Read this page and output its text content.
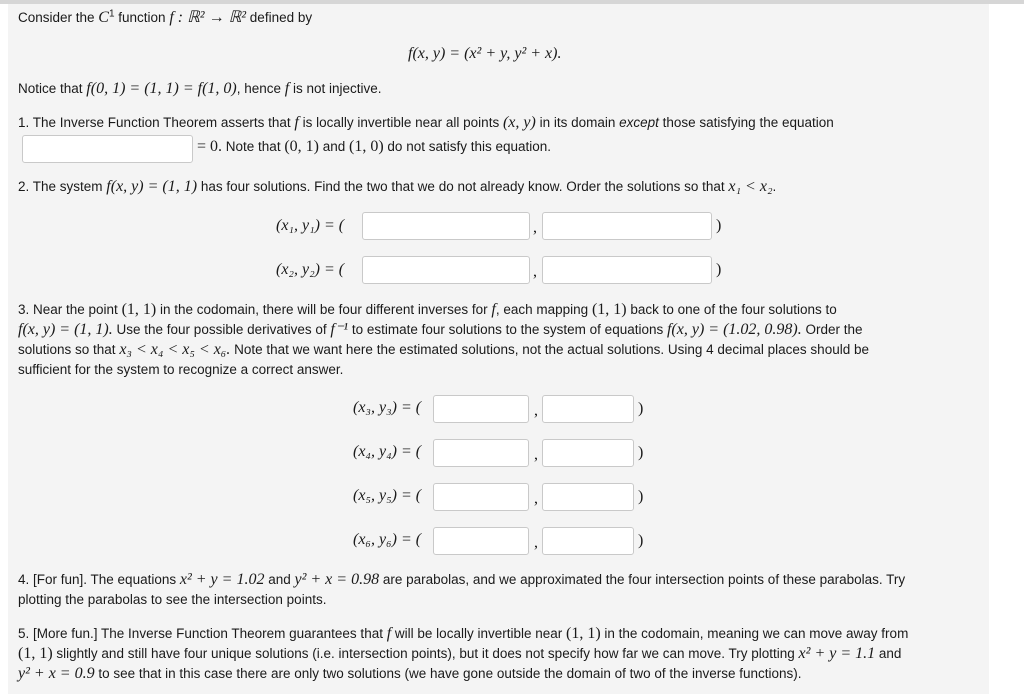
Consider the $C^1$ function f : ℝ² → ℝ² defined by
f(x, y) = (x² + y, y² + x).
Notice that f(0, 1) = (1, 1) = f(1, 0), hence f is not injective.
1. The Inverse Function Theorem asserts that f is locally invertible near all points (x, y) in its domain except those satisfying the equation
= 0. Note that (0, 1) and (1, 0) do not satisfy this equation.
2. The system f(x, y) = (1, 1) has four solutions. Find the two that we do not already know. Order the solutions so that x₁ < x₂.
(x₁, y₁) = (	,	)
(x₂, y₂) = (	,	)
3. Near the point (1, 1) in the codomain, there will be four different inverses for f, each mapping (1, 1) back to one of the four solutions to
f(x, y) = (1, 1). Use the four possible derivatives of f⁻¹ to estimate four solutions to the system of equations f(x, y) = (1.02, 0.98). Order the
solutions so that x₃ < x₄ < x₅ < x₆. Note that we want here the estimated solutions, not the actual solutions. Using 4 decimal places should be
sufficient for the system to recognize a correct answer.
(x₃, y₃) = (	,	)
(x₄, y₄) = (	,	)
(x₅, y₅) = (	,	)
(x₆, y₆) = (	,	)
4. [For fun]. The equations x² + y = 1.02 and y² + x = 0.98 are parabolas, and we approximated the four intersection points of these parabolas. Try
plotting the parabolas to see the intersection points.
5. [More fun.] The Inverse Function Theorem guarantees that f will be locally invertible near (1, 1) in the codomain, meaning we can move away from
(1, 1) slightly and still have four unique solutions (i.e. intersection points), but it does not specify how far we can move. Try plotting x² + y = 1.1 and
y² + x = 0.9 to see that in this case there are only two solutions (we have gone outside the domain of two of the inverse functions).
